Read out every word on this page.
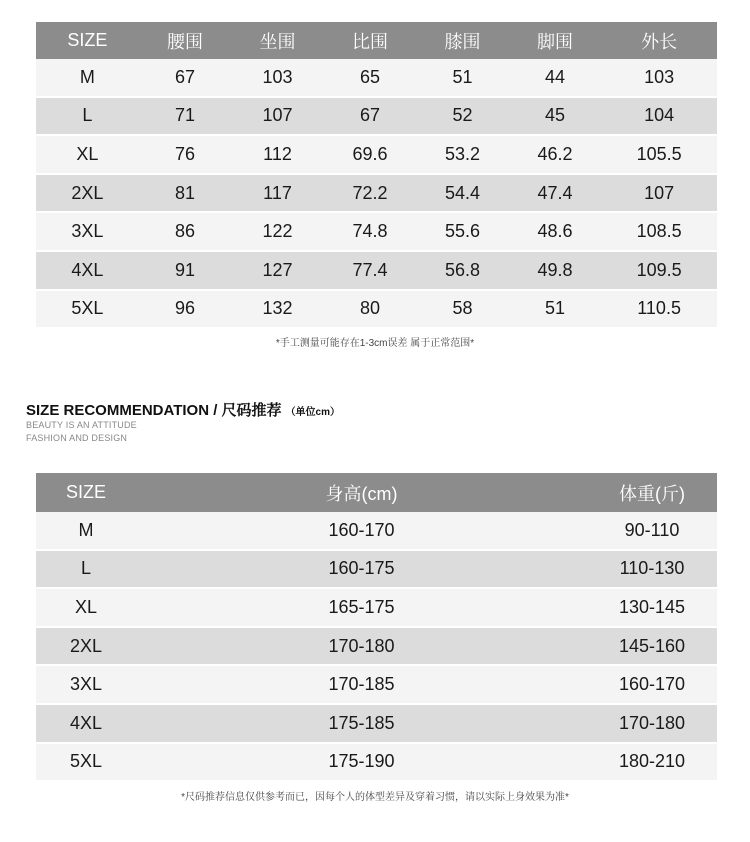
SIZE	腰围	坐围	比围	膝围	脚围	外长
M	67	103	65	51	44	103
L	71	107	67	52	45	104
XL	76	112	69.6	53.2	46.2	105.5
2XL	81	117	72.2	54.4	47.4	107
3XL	86	122	74.8	55.6	48.6	108.5
4XL	91	127	77.4	56.8	49.8	109.5
5XL	96	132	80	58	51	110.5
*手工测量可能存在1-3cm误差 属于正常范围*
SIZE RECOMMENDATION / 尺码推荐 （单位cm）
BEAUTY IS AN ATTITUDE
FASHION AND DESIGN
SIZE	身高(cm)	体重(斤)
M	160-170	90-110
L	160-175	110-130
XL	165-175	130-145
2XL	170-180	145-160
3XL	170-185	160-170
4XL	175-185	170-180
5XL	175-190	180-210
*尺码推荐信息仅供参考而已，因每个人的体型差异及穿着习惯，请以实际上身效果为准*
